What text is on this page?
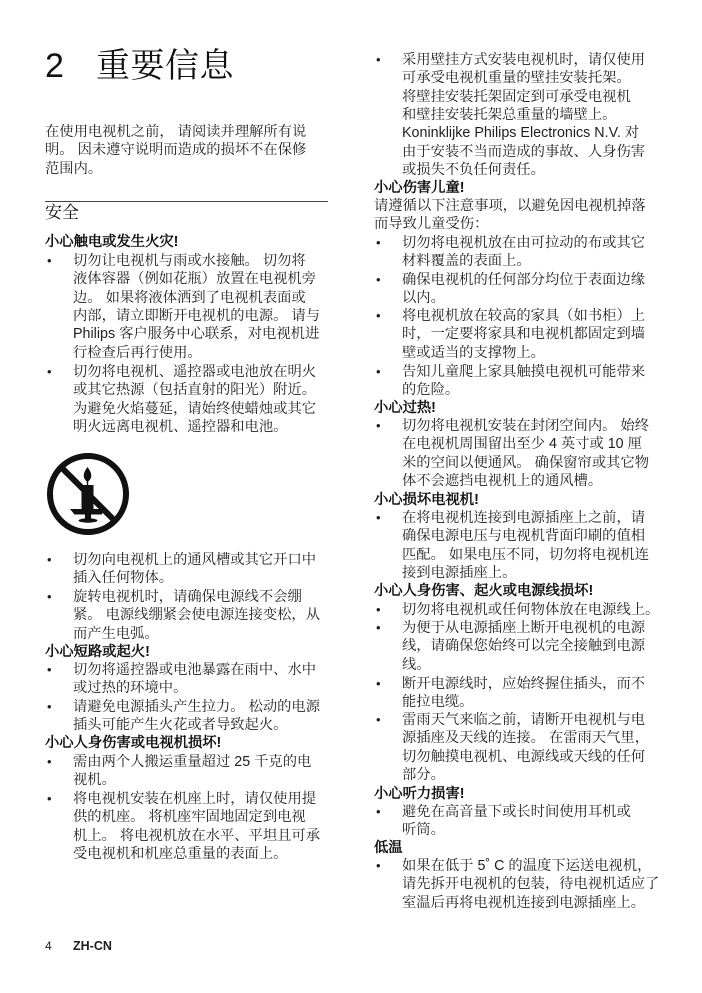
2 重要信息
在使用电视机之前， 请阅读并理解所有说
明。 因未遵守说明而造成的损坏不在保修
范围内。
安全
小心触电或发生火灾!
• 切勿让电视机与雨或水接触。 切勿将
液体容器（例如花瓶）放置在电视机旁
边。 如果将液体洒到了电视机表面或
内部，请立即断开电视机的电源。 请与
Philips 客户服务中心联系，对电视机进
行检查后再行使用。
• 切勿将电视机、遥控器或电池放在明火
或其它热源（包括直射的阳光）附近。
为避免火焰蔓延，请始终使蜡烛或其它
明火远离电视机、遥控器和电池。
• 切勿向电视机上的通风槽或其它开口中
插入任何物体。
• 旋转电视机时，请确保电源线不会绷
紧。 电源线绷紧会使电源连接变松，从
而产生电弧。
小心短路或起火!
• 切勿将遥控器或电池暴露在雨中、水中
或过热的环境中。
• 请避免电源插头产生拉力。 松动的电源
插头可能产生火花或者导致起火。
小心人身伤害或电视机损坏!
• 需由两个人搬运重量超过 25 千克的电
视机。
• 将电视机安装在机座上时，请仅使用提
供的机座。 将机座牢固地固定到电视
机上。 将电视机放在水平、平坦且可承
受电视机和机座总重量的表面上。
• 采用壁挂方式安装电视机时，请仅使用
可承受电视机重量的壁挂安装托架。
将壁挂安装托架固定到可承受电视机
和壁挂安装托架总重量的墙壁上。
Koninklijke Philips Electronics N.V. 对
由于安装不当而造成的事故、人身伤害
或损失不负任何责任。
小心伤害儿童!
请遵循以下注意事项，以避免因电视机掉落
而导致儿童受伤：
• 切勿将电视机放在由可拉动的布或其它
材料覆盖的表面上。
• 确保电视机的任何部分均位于表面边缘
以内。
• 将电视机放在较高的家具（如书柜）上
时，一定要将家具和电视机都固定到墙
壁或适当的支撑物上。
• 告知儿童爬上家具触摸电视机可能带来
的危险。
小心过热!
• 切勿将电视机安装在封闭空间内。 始终
在电视机周围留出至少 4 英寸或 10 厘
米的空间以便通风。 确保窗帘或其它物
体不会遮挡电视机上的通风槽。
小心损坏电视机!
• 在将电视机连接到电源插座上之前，请
确保电源电压与电视机背面印刷的值相
匹配。 如果电压不同，切勿将电视机连
接到电源插座上。
小心人身伤害、起火或电源线损坏!
• 切勿将电视机或任何物体放在电源线上。
• 为便于从电源插座上断开电视机的电源
线，请确保您始终可以完全接触到电源
线。
• 断开电源线时，应始终握住插头，而不
能拉电缆。
• 雷雨天气来临之前，请断开电视机与电
源插座及天线的连接。 在雷雨天气里，
切勿触摸电视机、电源线或天线的任何
部分。
小心听力损害!
• 避免在高音量下或长时间使用耳机或
听筒。
低温
• 如果在低于 5˚ C 的温度下运送电视机，
请先拆开电视机的包装，待电视机适应了
室温后再将电视机连接到电源插座上。
4 ZH-CN
